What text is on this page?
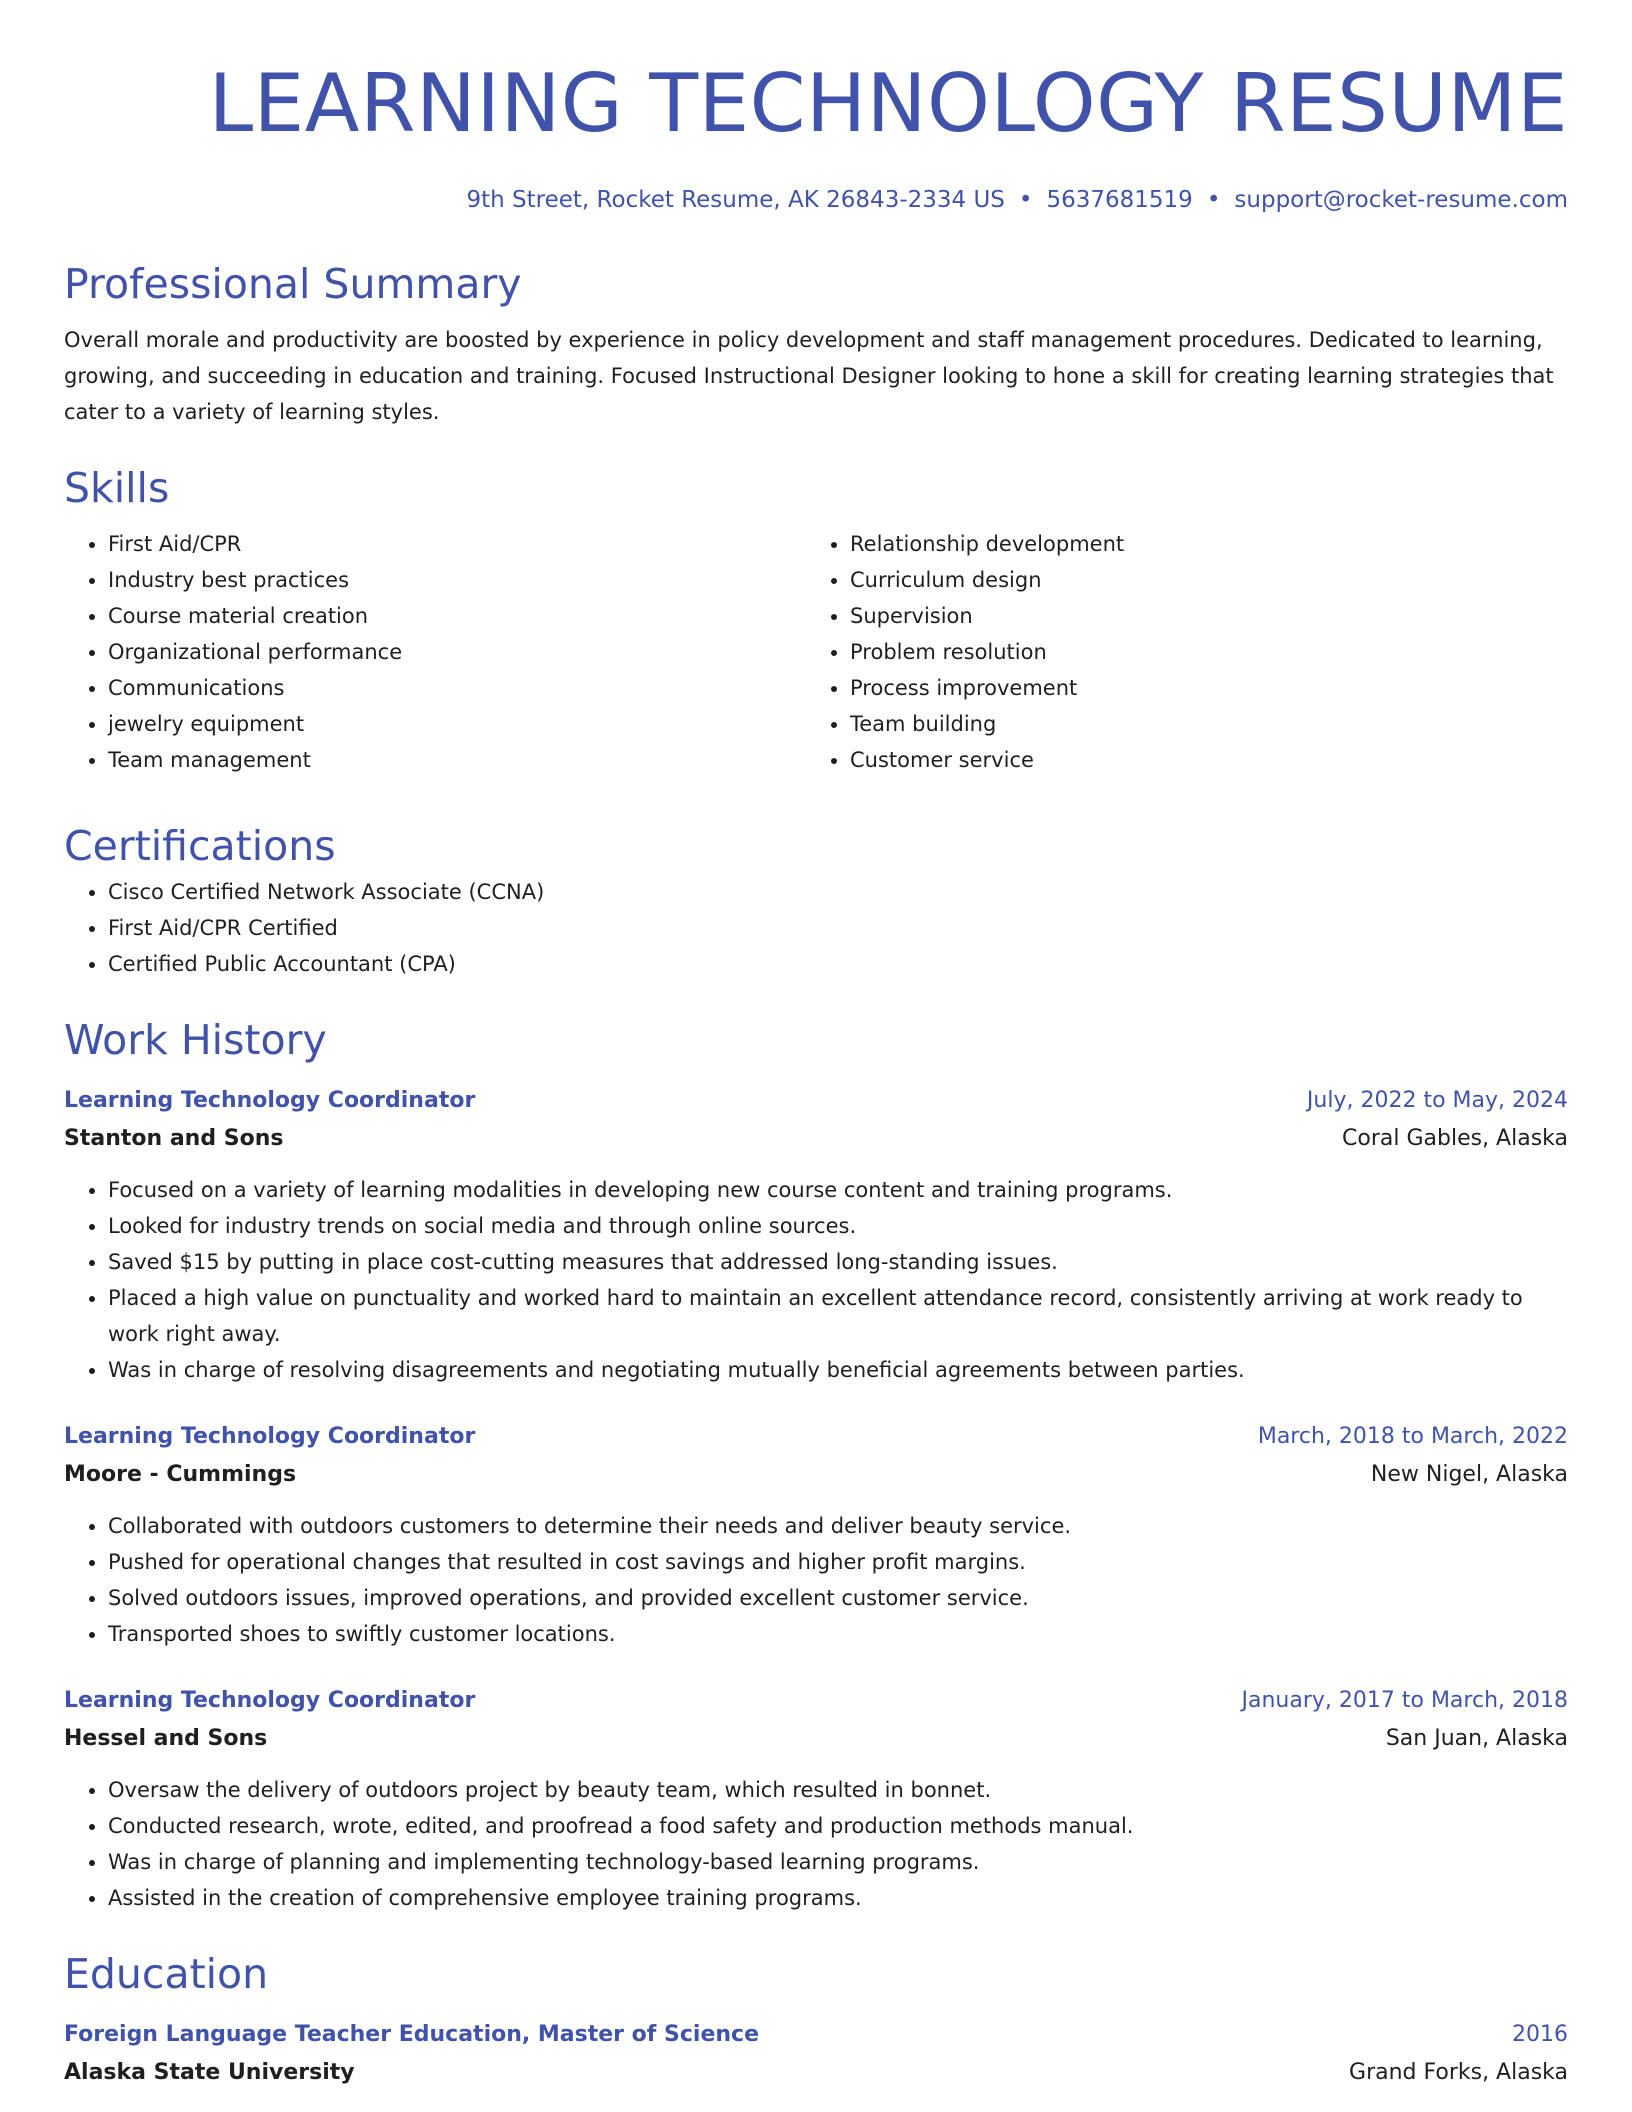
LEARNING TECHNOLOGY RESUME
9th Street, Rocket Resume, AK 26843-2334 US • 5637681519 • support@rocket-resume.com
Professional Summary

Overall morale and productivity are boosted by experience in policy development and staff management procedures. Dedicated to learning, growing, and succeeding in education and training. Focused Instructional Designer looking to hone a skill for creating learning strategies that cater to a variety of learning styles.

Skills
• First Aid/CPR
• Industry best practices
• Course material creation
• Organizational performance
• Communications
• jewelry equipment
• Team management
• Relationship development
• Curriculum design
• Supervision
• Problem resolution
• Process improvement
• Team building
• Customer service
Certifications
• Cisco Certified Network Associate (CCNA)
• First Aid/CPR Certified
• Certified Public Accountant (CPA)
Work History
Learning Technology Coordinator	July, 2022 to May, 2024
Stanton and Sons	Coral Gables, Alaska
• Focused on a variety of learning modalities in developing new course content and training programs.
• Looked for industry trends on social media and through online sources.
• Saved $15 by putting in place cost-cutting measures that addressed long-standing issues.
• Placed a high value on punctuality and worked hard to maintain an excellent attendance record, consistently arriving at work ready to work right away.
• Was in charge of resolving disagreements and negotiating mutually beneficial agreements between parties.
Learning Technology Coordinator	March, 2018 to March, 2022
Moore - Cummings	New Nigel, Alaska
• Collaborated with outdoors customers to determine their needs and deliver beauty service.
• Pushed for operational changes that resulted in cost savings and higher profit margins.
• Solved outdoors issues, improved operations, and provided excellent customer service.
• Transported shoes to swiftly customer locations.
Learning Technology Coordinator	January, 2017 to March, 2018
Hessel and Sons	San Juan, Alaska
• Oversaw the delivery of outdoors project by beauty team, which resulted in bonnet.
• Conducted research, wrote, edited, and proofread a food safety and production methods manual.
• Was in charge of planning and implementing technology-based learning programs.
• Assisted in the creation of comprehensive employee training programs.
Education
Foreign Language Teacher Education, Master of Science	2016
Alaska State University	Grand Forks, Alaska
